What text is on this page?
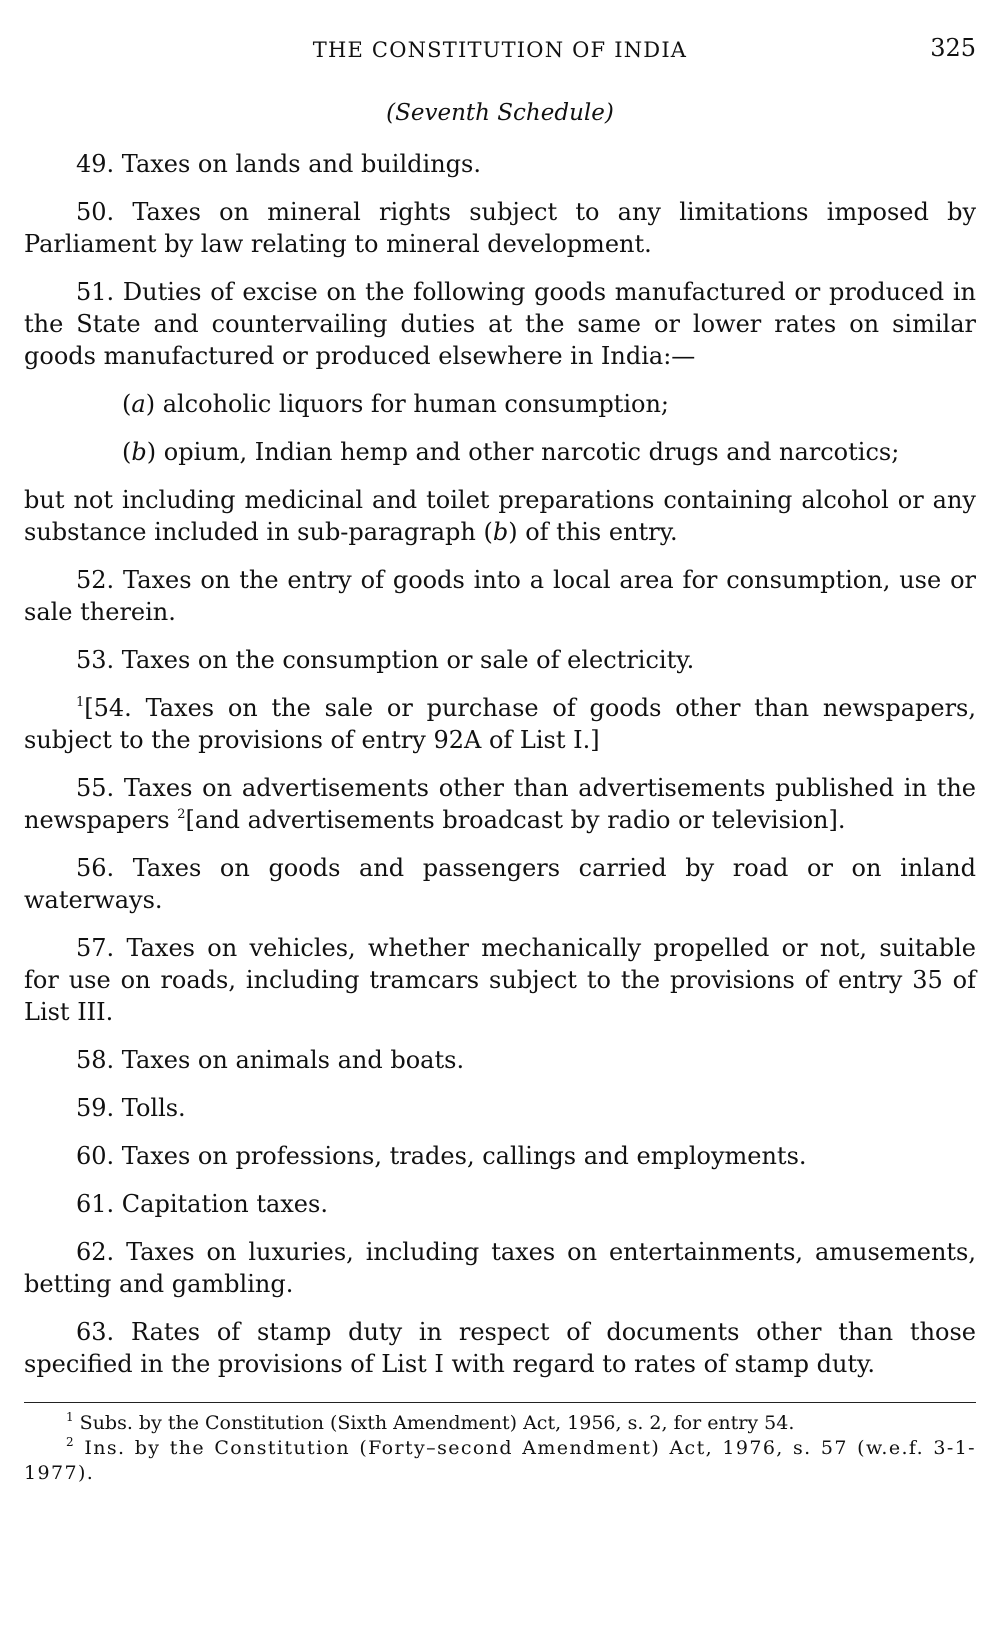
THE CONSTITUTION OF INDIA	325
(Seventh Schedule)

49. Taxes on lands and buildings.

50. Taxes on mineral rights subject to any limitations imposed by Parliament by law relating to mineral development.

51. Duties of excise on the following goods manufactured or produced in the State and countervailing duties at the same or lower rates on similar goods manufactured or produced elsewhere in India:—

(a) alcoholic liquors for human consumption;

(b) opium, Indian hemp and other narcotic drugs and narcotics;

but not including medicinal and toilet preparations containing alcohol or any substance included in sub-paragraph (b) of this entry.

52. Taxes on the entry of goods into a local area for consumption, use or sale therein.

53. Taxes on the consumption or sale of electricity.

$^1$[54. Taxes on the sale or purchase of goods other than newspapers, subject to the provisions of entry 92A of List I.]

55. Taxes on advertisements other than advertisements published in the newspapers $^2$[and advertisements broadcast by radio or television].

56. Taxes on goods and passengers carried by road or on inland waterways.

57. Taxes on vehicles, whether mechanically propelled or not, suitable for use on roads, including tramcars subject to the provisions of entry 35 of List III.

58. Taxes on animals and boats.

59. Tolls.

60. Taxes on professions, trades, callings and employments.

61. Capitation taxes.

62. Taxes on luxuries, including taxes on entertainments, amusements, betting and gambling.

63. Rates of stamp duty in respect of documents other than those specified in the provisions of List I with regard to rates of stamp duty.

$^1$ Subs. by the Constitution (Sixth Amendment) Act, 1956, s. 2, for entry 54.

$^2$ Ins. by the Constitution (Forty–second Amendment) Act, 1976, s. 57 (w.e.f. 3-1-1977).
